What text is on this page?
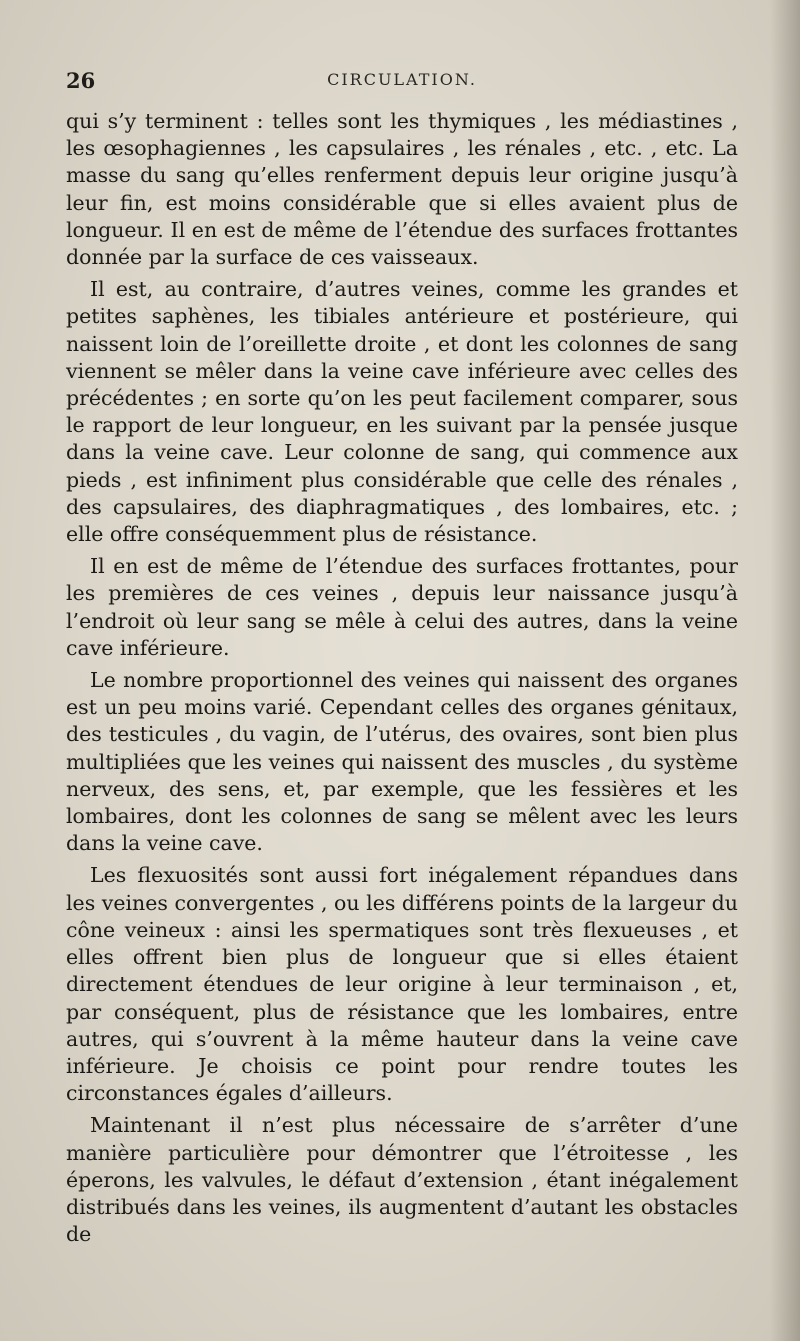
26	CIRCULATION.

qui s’y terminent : telles sont les thymiques , les médiastines , les œsophagiennes , les capsulaires , les rénales , etc. , etc. La masse du sang qu’elles renferment depuis leur origine jusqu’à leur fin, est moins considérable que si elles avaient plus de longueur. Il en est de même de l’étendue des surfaces frottantes donnée par la surface de ces vaisseaux.

Il est, au contraire, d’autres veines, comme les grandes et petites saphènes, les tibiales antérieure et postérieure, qui naissent loin de l’oreillette droite , et dont les colonnes de sang viennent se mêler dans la veine cave inférieure avec celles des précédentes ; en sorte qu’on les peut facilement comparer, sous le rapport de leur longueur, en les suivant par la pensée jusque dans la veine cave. Leur colonne de sang, qui commence aux pieds , est infiniment plus considérable que celle des rénales , des capsulaires, des diaphragmatiques , des lombaires, etc. ; elle offre conséquemment plus de résistance.

Il en est de même de l’étendue des surfaces frottantes, pour les premières de ces veines , depuis leur naissance jusqu’à l’endroit où leur sang se mêle à celui des autres, dans la veine cave inférieure.

Le nombre proportionnel des veines qui naissent des organes est un peu moins varié. Cependant celles des organes génitaux, des testicules , du vagin, de l’utérus, des ovaires, sont bien plus multipliées que les veines qui naissent des muscles , du système nerveux, des sens, et, par exemple, que les fessières et les lombaires, dont les colonnes de sang se mêlent avec les leurs dans la veine cave.

Les flexuosités sont aussi fort inégalement répandues dans les veines convergentes , ou les différens points de la largeur du cône veineux : ainsi les spermatiques sont très flexueuses , et elles offrent bien plus de longueur que si elles étaient directement étendues de leur origine à leur terminaison , et, par conséquent, plus de résistance que les lombaires, entre autres, qui s’ouvrent à la même hauteur dans la veine cave inférieure. Je choisis ce point pour rendre toutes les circonstances égales d’ailleurs.

Maintenant il n’est plus nécessaire de s’arrêter d’une manière particulière pour démontrer que l’étroitesse , les éperons, les valvules, le défaut d’extension , étant inégalement distribués dans les veines, ils augmentent d’autant les obstacles de
